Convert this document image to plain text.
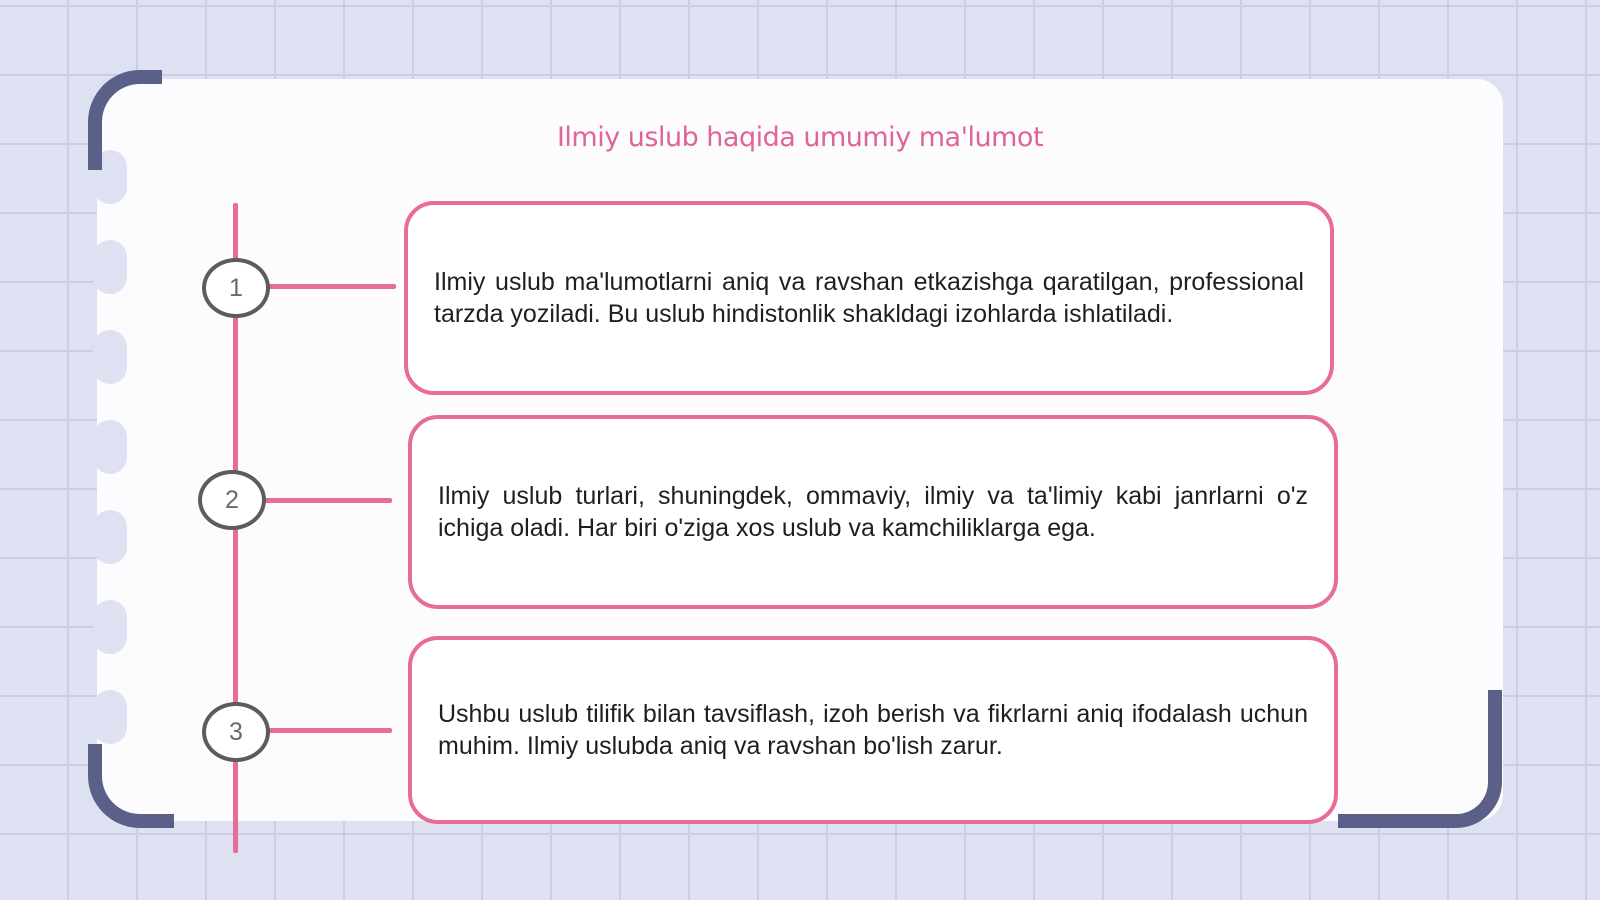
Ilmiy uslub haqida umumiy ma'lumot
1	Ilmiy uslub ma'lumotlarni aniq va ravshan etkazishga qaratilgan, professional tarzda yoziladi. Bu uslub hindistonlik shakldagi izohlarda ishlatiladi.

2	Ilmiy uslub turlari, shuningdek, ommaviy, ilmiy va ta'limiy kabi janrlarni o'z ichiga oladi. Har biri o'ziga xos uslub va kamchiliklarga ega.

3

Ushbu uslub tilifik bilan tavsiflash, izoh berish va fikrlarni aniq ifodalash uchun muhim. Ilmiy uslubda aniq va ravshan bo'lish zarur.
